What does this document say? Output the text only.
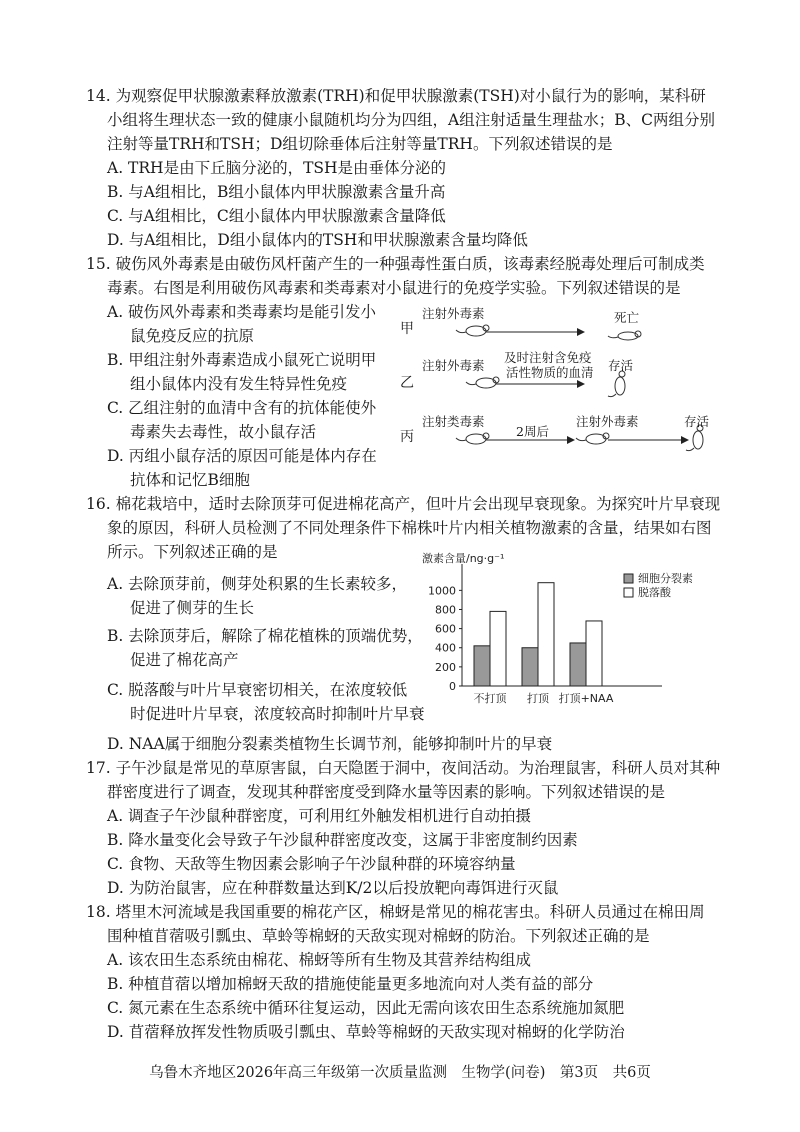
14. 为观察促甲状腺激素释放激素(TRH)和促甲状腺激素(TSH)对小鼠行为的影响，某科研
小组将生理状态一致的健康小鼠随机均分为四组，A组注射适量生理盐水；B、C两组分别
注射等量TRH和TSH；D组切除垂体后注射等量TRH。下列叙述错误的是
A. TRH是由下丘脑分泌的，TSH是由垂体分泌的
B. 与A组相比，B组小鼠体内甲状腺激素含量升高
C. 与A组相比，C组小鼠体内甲状腺激素含量降低
D. 与A组相比，D组小鼠体内的TSH和甲状腺激素含量均降低
15. 破伤风外毒素是由破伤风杆菌产生的一种强毒性蛋白质，该毒素经脱毒处理后可制成类
毒素。右图是利用破伤风毒素和类毒素对小鼠进行的免疫学实验。下列叙述错误的是
A. 破伤风外毒素和类毒素均是能引发小
鼠免疫反应的抗原
B. 甲组注射外毒素造成小鼠死亡说明甲
组小鼠体内没有发生特异性免疫
C. 乙组注射的血清中含有的抗体能使外
毒素失去毒性，故小鼠存活
D. 丙组小鼠存活的原因可能是体内存在
抗体和记忆B细胞
甲
乙
丙
注射外毒素	死亡
注射外毒素
及时注射含免疫
活性物质的血清 存活
注射类毒素
2周后
注射外毒素	存活
16. 棉花栽培中，适时去除顶芽可促进棉花高产，但叶片会出现早衰现象。为探究叶片早衰现
象的原因，科研人员检测了不同处理条件下棉株叶片内相关植物激素的含量，结果如右图
所示。下列叙述正确的是
A. 去除顶芽前，侧芽处积累的生长素较多，
促进了侧芽的生长
B. 去除顶芽后，解除了棉花植株的顶端优势，
促进了棉花高产
C. 脱落酸与叶片早衰密切相关，在浓度较低
时促进叶片早衰，浓度较高时抑制叶片早衰
D. NAA属于细胞分裂素类植物生长调节剂，能够抑制叶片的早衰
激素含量/ng·g⁻¹
0
200
400
600
800
1000
不打顶 打顶 打顶+NAA
细胞分裂素
脱落酸
17. 子午沙鼠是常见的草原害鼠，白天隐匿于洞中，夜间活动。为治理鼠害，科研人员对其种
群密度进行了调查，发现其种群密度受到降水量等因素的影响。下列叙述错误的是
A. 调查子午沙鼠种群密度，可利用红外触发相机进行自动拍摄
B. 降水量变化会导致子午沙鼠种群密度改变，这属于非密度制约因素
C. 食物、天敌等生物因素会影响子午沙鼠种群的环境容纳量
D. 为防治鼠害，应在种群数量达到K/2以后投放靶向毒饵进行灭鼠
18. 塔里木河流域是我国重要的棉花产区，棉蚜是常见的棉花害虫。科研人员通过在棉田周
围种植苜蓿吸引瓢虫、草蛉等棉蚜的天敌实现对棉蚜的防治。下列叙述正确的是
A. 该农田生态系统由棉花、棉蚜等所有生物及其营养结构组成
B. 种植苜蓿以增加棉蚜天敌的措施使能量更多地流向对人类有益的部分
C. 氮元素在生态系统中循环往复运动，因此无需向该农田生态系统施加氮肥
D. 苜蓿释放挥发性物质吸引瓢虫、草蛉等棉蚜的天敌实现对棉蚜的化学防治
乌鲁木齐地区2026年高三年级第一次质量监测　生物学(问卷)　第3页　共6页
